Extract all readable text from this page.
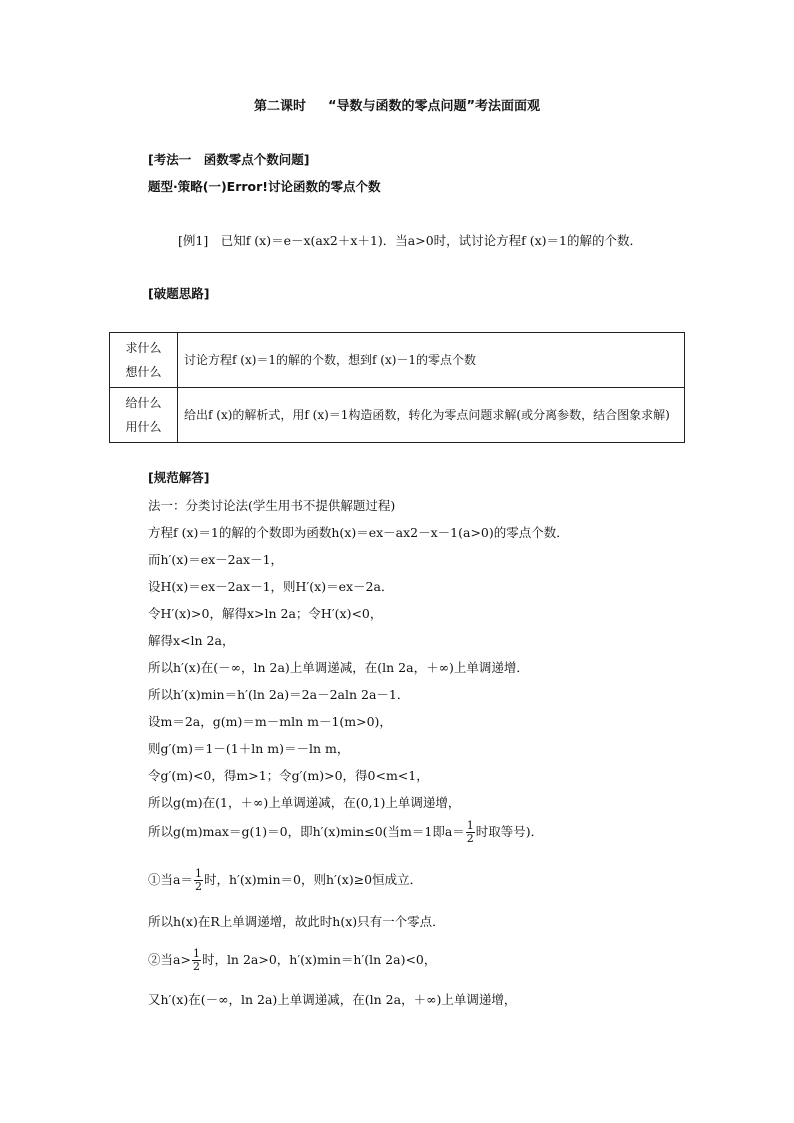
第二课时 “导数与函数的零点问题”考法面面观
[考法一　函数零点个数问题]
题型·策略(一)Error!讨论函数的零点个数
[例1]　已知f (x)＝e－x(ax2＋x＋1)．当a>0时，试讨论方程f (x)＝1的解的个数．
[破题思路]
求什么
想什么	讨论方程f (x)＝1的解的个数，想到f (x)－1的零点个数

给什么
用什么	给出f (x)的解析式，用f (x)＝1构造函数，转化为零点问题求解(或分离参数，结合图象求解)
[规范解答]
法一：分类讨论法(学生用书不提供解题过程)
方程f (x)＝1的解的个数即为函数h(x)＝ex－ax2－x－1(a>0)的零点个数．
而h′(x)＝ex－2ax－1，
设H(x)＝ex－2ax－1，则H′(x)＝ex－2a．
令H′(x)>0，解得x>ln 2a；令H′(x)<0，
解得x<ln 2a，
所以h′(x)在(－∞，ln 2a)上单调递减，在(ln 2a，＋∞)上单调递增．
所以h′(x)min＝h′(ln 2a)＝2a－2aln 2a－1．
设m＝2a，g(m)＝m－mln m－1(m>0)，
则g′(m)＝1－(1＋ln m)＝－ln m，
令g′(m)<0，得m>1；令g′(m)>0，得0<m<1，
所以g(m)在(1，＋∞)上单调递减，在(0,1)上单调递增，
所以g(m)max＝g(1)＝0，即h′(x)min≤0(当m＝1即$a= \frac{1}{2}$ 时取等号)．
①当$a= \frac{1}{2}$ 时，h′(x)min＝0，则h′(x)≥0恒成立．
所以h(x)在R上单调递增，故此时h(x)只有一个零点．
②当$a> \frac{1}{2}$ 时，ln 2a>0，h′(x)min＝h′(ln 2a)<0，
又h′(x)在(－∞，ln 2a)上单调递减，在(ln 2a，＋∞)上单调递增，
